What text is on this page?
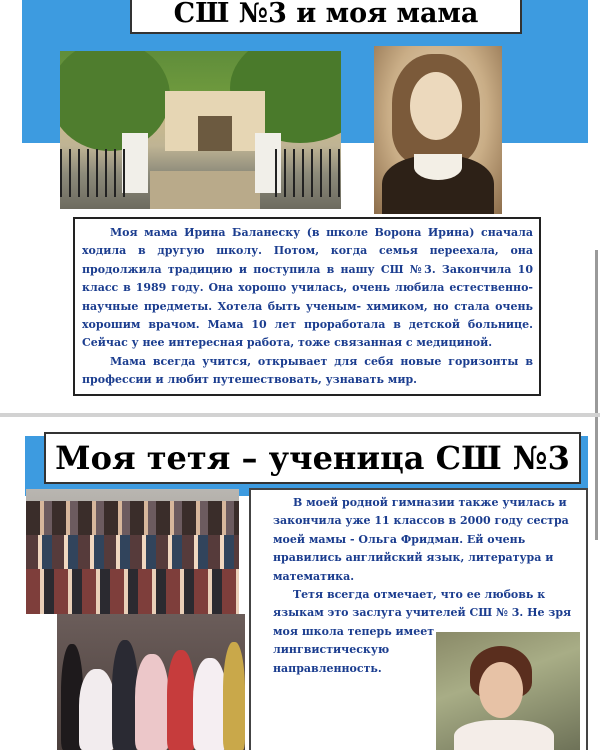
СШ №3 и моя мама

Моя мама Ирина Баланеску (в школе Ворона Ирина) сначала ходила в другую школу. Потом, когда семья переехала, она продолжила традицию и поступила в нашу СШ №3. Закончила 10 класс в 1989 году. Она хорошо училась, очень любила естественно-научные предметы. Хотела быть ученым- химиком, но стала очень хорошим врачом. Мама 10 лет проработала в детской больнице. Сейчас у нее интересная работа, тоже связанная с медициной.

Мама всегда учится, открывает для себя новые горизонты в профессии и любит путешествовать, узнавать мир.

Моя тетя – ученица СШ №3

В моей родной гимназии также училась и закончила уже 11 классов в 2000 году сестра моей мамы - Ольга Фридман. Ей очень нравились английский язык, литература и математика.

Тетя всегда отмечает, что ее любовь к языкам это заслуга учителей СШ № 3. Не зря моя школа теперь имеет

лингвистическую

направленность.
